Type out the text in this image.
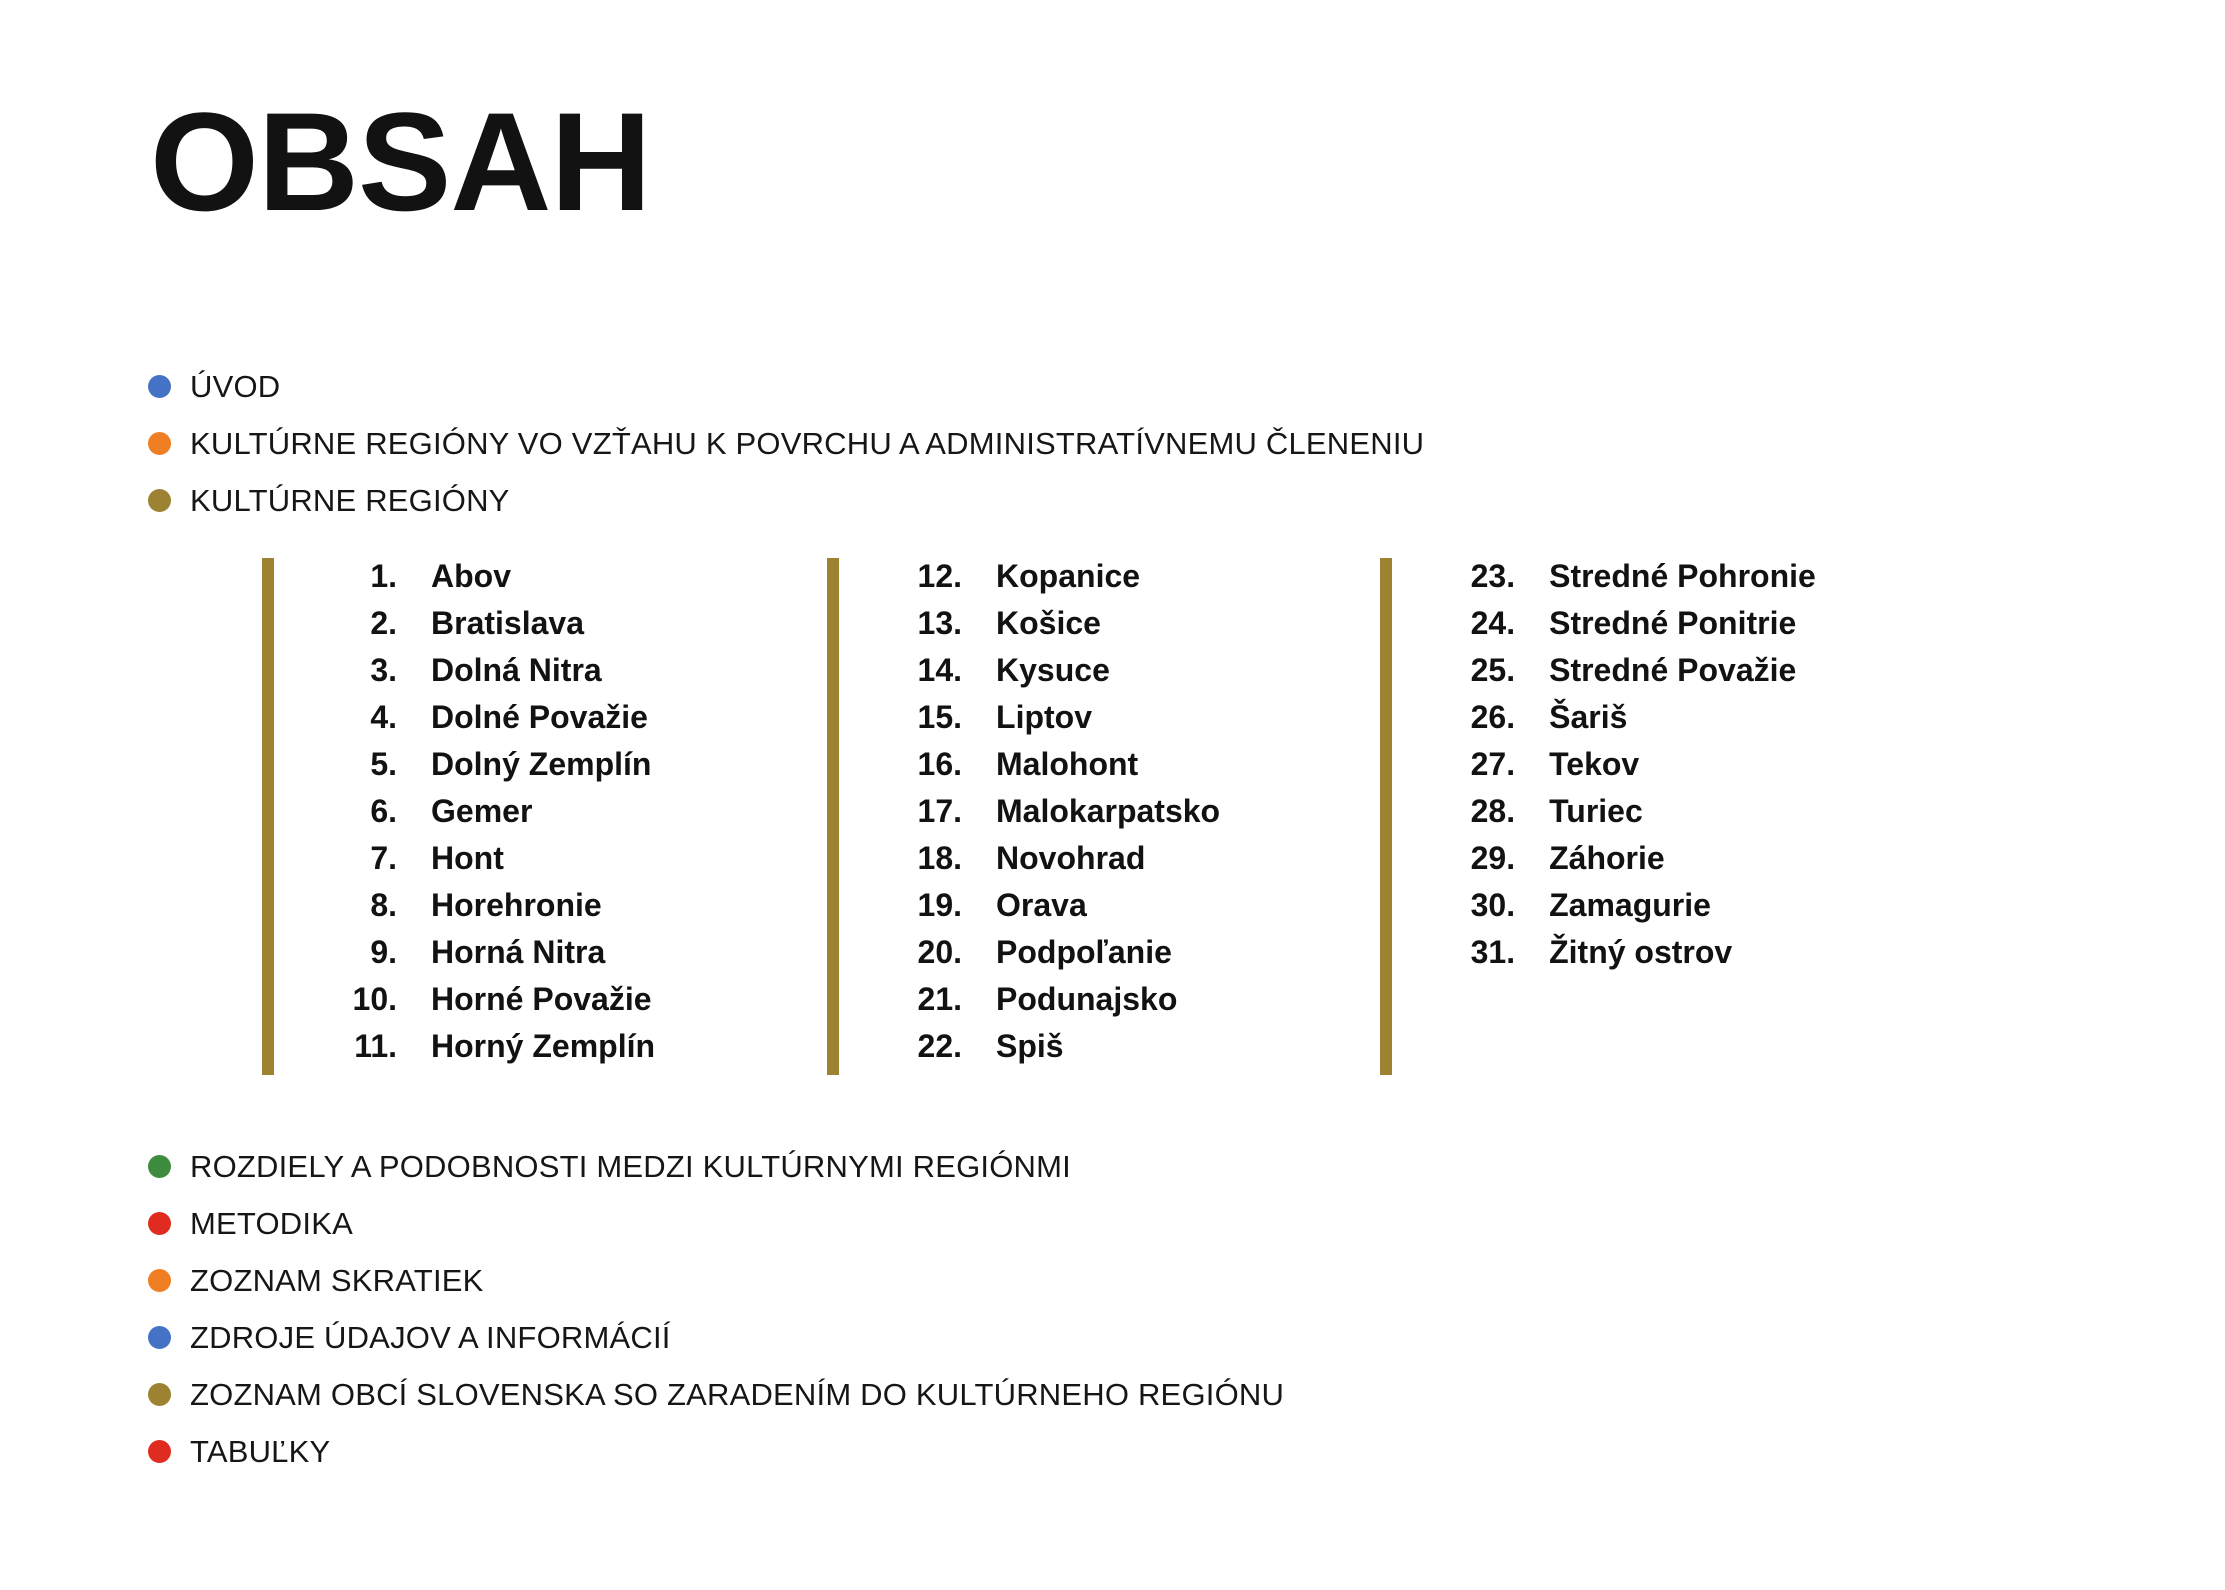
OBSAH
ÚVOD
KULTÚRNE REGIÓNY VO VZŤAHU K POVRCHU A ADMINISTRATÍVNEMU ČLENENIU
KULTÚRNE REGIÓNY
1.	Abov
2.	Bratislava
3.	Dolná Nitra
4.	Dolné Považie
5.	Dolný Zemplín
6.	Gemer
7.	Hont
8.	Horehronie
9.	Horná Nitra
10.	Horné Považie
11.	Horný Zemplín
12.	Kopanice
13.	Košice
14.	Kysuce
15.	Liptov
16.	Malohont
17.	Malokarpatsko
18.	Novohrad
19.	Orava
20.	Podpoľanie
21.	Podunajsko
22.	Spiš
23.	Stredné Pohronie
24.	Stredné Ponitrie
25.	Stredné Považie
26.	Šariš
27.	Tekov
28.	Turiec
29.	Záhorie
30.	Zamagurie
31.	Žitný ostrov
ROZDIELY A PODOBNOSTI MEDZI KULTÚRNYMI REGIÓNMI
METODIKA
ZOZNAM SKRATIEK
ZDROJE ÚDAJOV A INFORMÁCIÍ
ZOZNAM OBCÍ SLOVENSKA SO ZARADENÍM DO KULTÚRNEHO REGIÓNU
TABUĽKY
